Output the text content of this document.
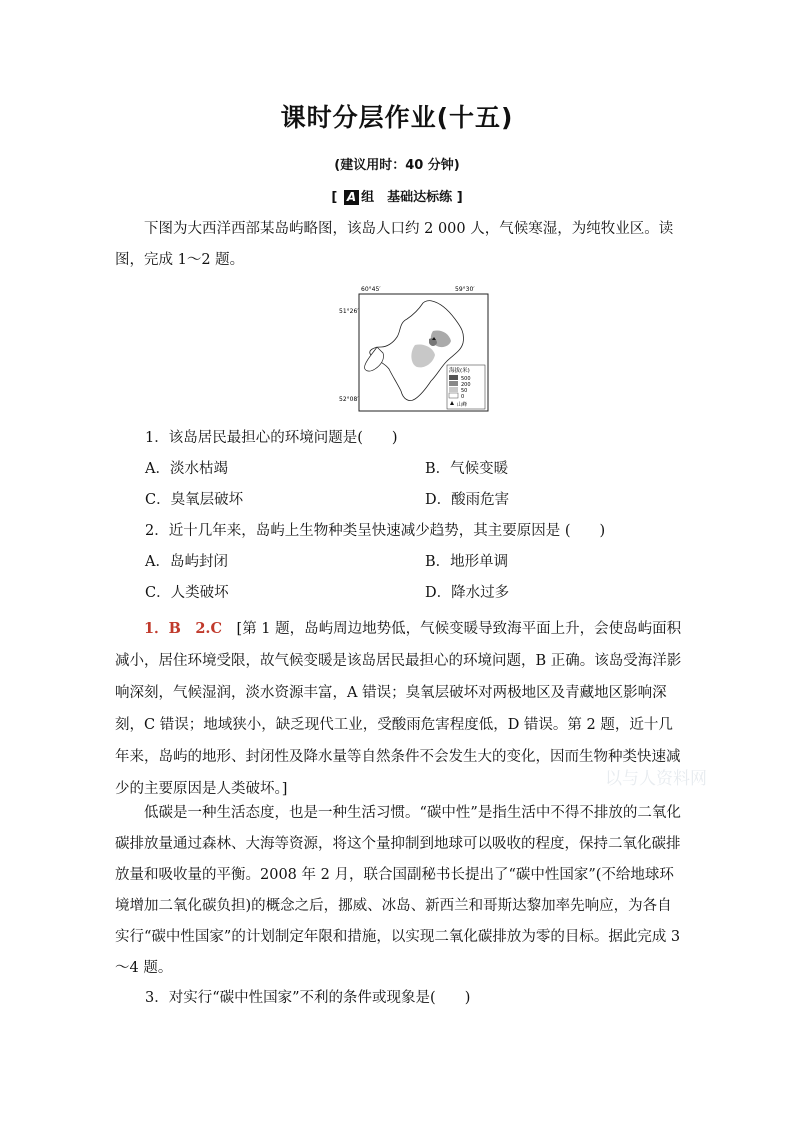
课时分层作业(十五)
(建议用时：40 分钟)
[ A 组　基础达标练 ]

下图为大西洋西部某岛屿略图，该岛人口约 2 000 人，气候寒湿，为纯牧业区。读图，完成 1～2 题。

60°45′	59°30′
51°26′
52°08′
海拔(米)
500
200
50
0
山峰
1．该岛居民最担心的环境问题是(　　)
A．淡水枯竭	B．气候变暖
C．臭氧层破坏	D．酸雨危害
2．近十几年来，岛屿上生物种类呈快速减少趋势，其主要原因是 (　　)
A．岛屿封闭	B．地形单调
C．人类破坏	D．降水过多

1．B　2.C　[第 1 题，岛屿周边地势低，气候变暖导致海平面上升，会使岛屿面积减小，居住环境受限，故气候变暖是该岛居民最担心的环境问题，B 正确。该岛受海洋影响深刻，气候湿润，淡水资源丰富，A 错误；臭氧层破坏对两极地区及青藏地区影响深刻，C 错误；地域狭小，缺乏现代工业，受酸雨危害程度低，D 错误。第 2 题，近十几年来，岛屿的地形、封闭性及降水量等自然条件不会发生大的变化，因而生物种类快速减少的主要原因是人类破坏。]	以与人资料网

低碳是一种生活态度，也是一种生活习惯。“碳中性”是指生活中不得不排放的二氧化碳排放量通过森林、大海等资源，将这个量抑制到地球可以吸收的程度，保持二氧化碳排放量和吸收量的平衡。2008 年 2 月，联合国副秘书长提出了“碳中性国家”(不给地球环境增加二氧化碳负担)的概念之后，挪威、冰岛、新西兰和哥斯达黎加率先响应，为各自实行“碳中性国家”的计划制定年限和措施，以实现二氧化碳排放为零的目标。据此完成 3～4 题。

3．对实行“碳中性国家”不利的条件或现象是(　　)
